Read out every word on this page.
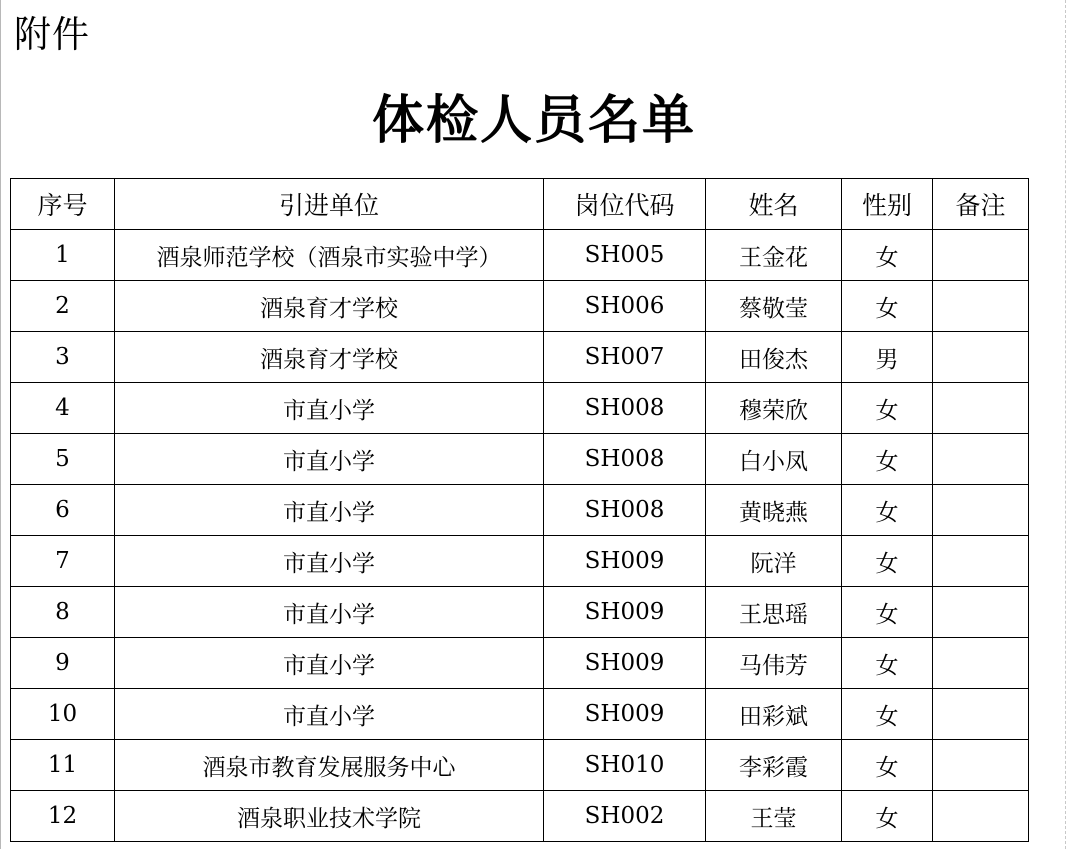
附件
体检人员名单
序号	引进单位	岗位代码	姓名	性别	备注
1	酒泉师范学校（酒泉市实验中学）	SH005	王金花	女	
2	酒泉育才学校	SH006	蔡敬莹	女	
3	酒泉育才学校	SH007	田俊杰	男	
4	市直小学	SH008	穆荣欣	女	
5	市直小学	SH008	白小凤	女	
6	市直小学	SH008	黄晓燕	女	
7	市直小学	SH009	阮洋	女	
8	市直小学	SH009	王思瑶	女	
9	市直小学	SH009	马伟芳	女	
10	市直小学	SH009	田彩斌	女	
11	酒泉市教育发展服务中心	SH010	李彩霞	女	
12	酒泉职业技术学院	SH002	王莹	女	
